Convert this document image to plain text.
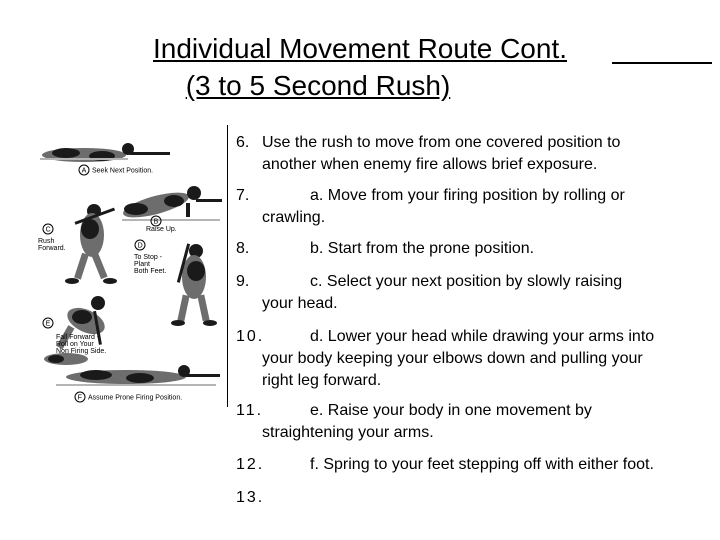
Individual Movement Route Cont.
(3 to 5 Second Rush)
A Seek Next Position.
B
Raise Up.
C
Rush
Forward.	D
To Stop -
Plant
Both Feet.
E
Fall Forward -
Roll on Your
Non Firing Side.
F Assume Prone Firing Position.
6. Use the rush to move from one covered position to
another when enemy fire allows brief exposure.
7.	a. Move from your firing position by rolling or

crawling.
8.	b. Start from the prone position.
9.	c. Select your next position by slowly raising

your head.
10.	d. Lower your head while drawing your arms into

your body keeping your elbows down and pulling your
right leg forward.
11.	e. Raise your body in one movement by

straightening your arms.
12.	f. Spring to your feet stepping off with either foot.
13.
